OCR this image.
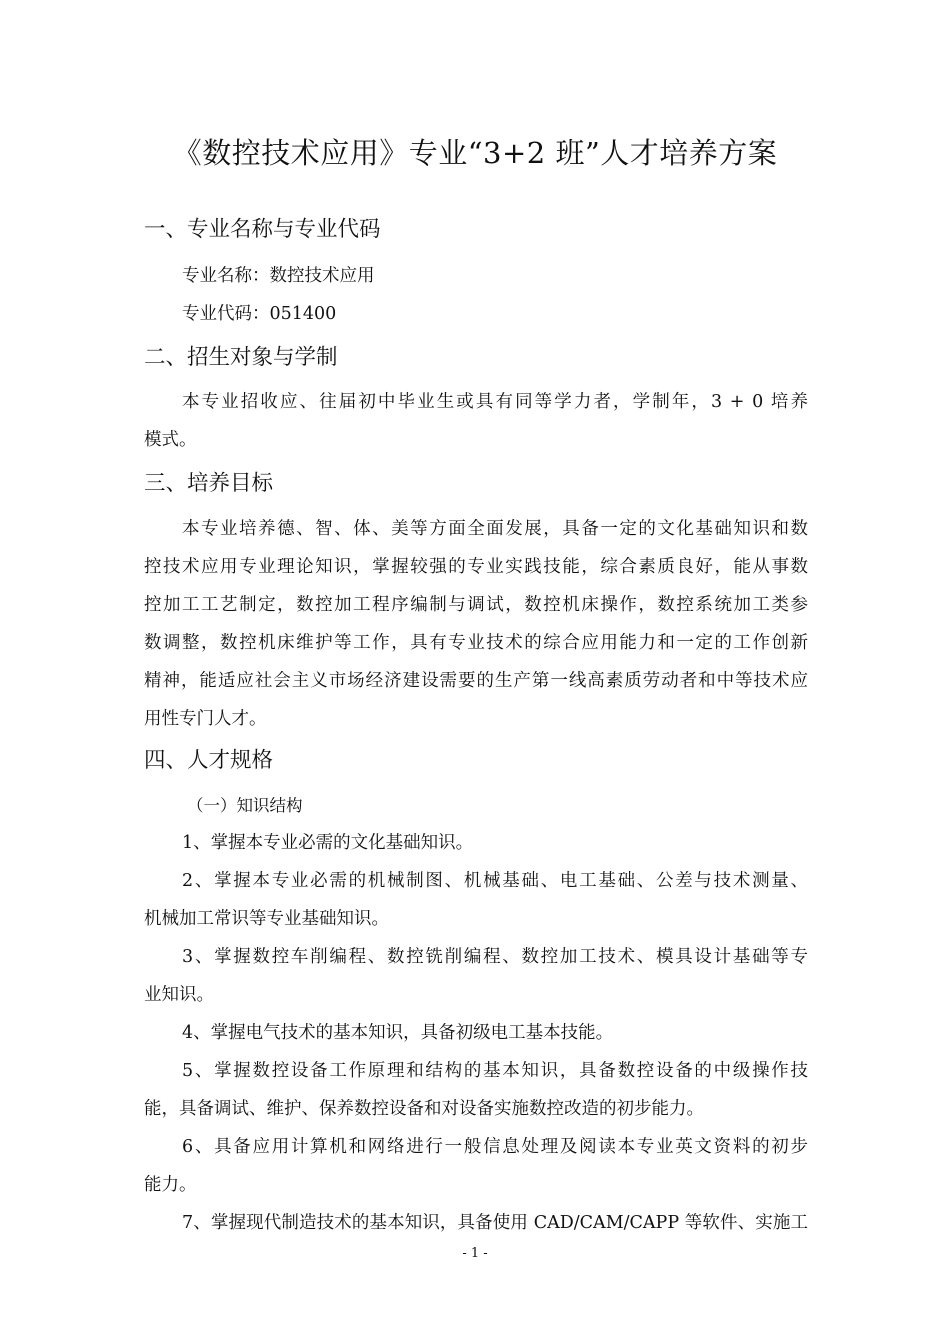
《数控技术应用》专业“3+2 班”人才培养方案
一、专业名称与专业代码
专业名称：数控技术应用
专业代码：051400
二、招生对象与学制
本专业招收应、往届初中毕业生或具有同等学力者，学制年，3 + 0 培养
模式。
三、培养目标
本专业培养德、智、体、美等方面全面发展，具备一定的文化基础知识和数
控技术应用专业理论知识，掌握较强的专业实践技能，综合素质良好，能从事数
控加工工艺制定，数控加工程序编制与调试，数控机床操作，数控系统加工类参
数调整，数控机床维护等工作，具有专业技术的综合应用能力和一定的工作创新
精神，能适应社会主义市场经济建设需要的生产第一线高素质劳动者和中等技术应
用性专门人才。
四、人才规格
（一）知识结构
1、掌握本专业必需的文化基础知识。
2、掌握本专业必需的机械制图、机械基础、电工基础、公差与技术测量、
机械加工常识等专业基础知识。
3、掌握数控车削编程、数控铣削编程、数控加工技术、模具设计基础等专
业知识。
4、掌握电气技术的基本知识，具备初级电工基本技能。
5、掌握数控设备工作原理和结构的基本知识，具备数控设备的中级操作技
能，具备调试、维护、保养数控设备和对设备实施数控改造的初步能力。
6、具备应用计算机和网络进行一般信息处理及阅读本专业英文资料的初步
能力。
7、掌握现代制造技术的基本知识，具备使用 CAD/CAM/CAPP 等软件、实施工
- 1 -
